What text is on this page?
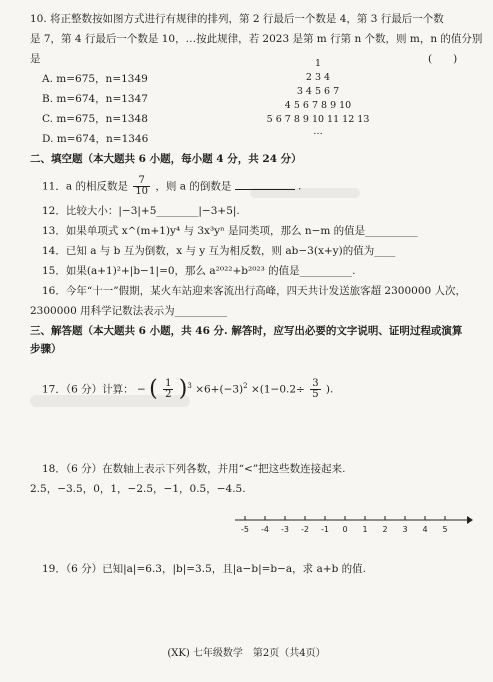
10. 将正整数按如图方式进行有规律的排列，第 2 行最后一个数是 4，第 3 行最后一个数
是 7，第 4 行最后一个数是 10，…按此规律，若 2023 是第 m 行第 n 个数，则 m，n 的值分别
是	(　　)
A. m=675，n=1349
B. m=674，n=1347
C. m=675，n=1348
D. m=674，n=1346
1
2 3 4
3 4 5 6 7
4 5 6 7 8 9 10
5 6 7 8 9 10 11 12 13
…
二、填空题（本大题共 6 小题，每小题 4 分，共 24 分）
11．a 的相反数是 $\frac{7}{10}$ ，则 a 的倒数是	.
12．比较大小：|−3|+5________|−3+5|.
13．如果单项式 x^(m+1)y⁴ 与 3x³yⁿ 是同类项，那么 n−m 的值是__________
14．已知 a 与 b 互为倒数，x 与 y 互为相反数，则 ab−3(x+y)的值为____
15．如果(a+1)²+|b−1|=0，那么 a²⁰²²+b²⁰²³ 的值是__________.
16．今年“十一”假期，某火车站迎来客流出行高峰，四天共计发送旅客超 2300000 人次，
2300000 用科学记数法表示为__________
三、解答题（本大题共 6 小题，共 46 分. 解答时，应写出必要的文字说明、证明过程或演算
步骤）
17．（6 分）计算： − ( $\frac{1}{2} )^3 \times 6+(-3)^2 \times(1-0.2\div \frac{3}{5}$ ).
18．（6 分）在数轴上表示下列各数，并用“<”把这些数连接起来.
2.5，−3.5，0，1，−2.5，−1，0.5，−4.5.
-5 -4 -3 -2 -1 0 1 2 3 4 5
19．（6 分）已知|a|=6.3，|b|=3.5，且|a−b|=b−a，求 a+b 的值.
(XK) 七年级数学　第2页（共4页）
